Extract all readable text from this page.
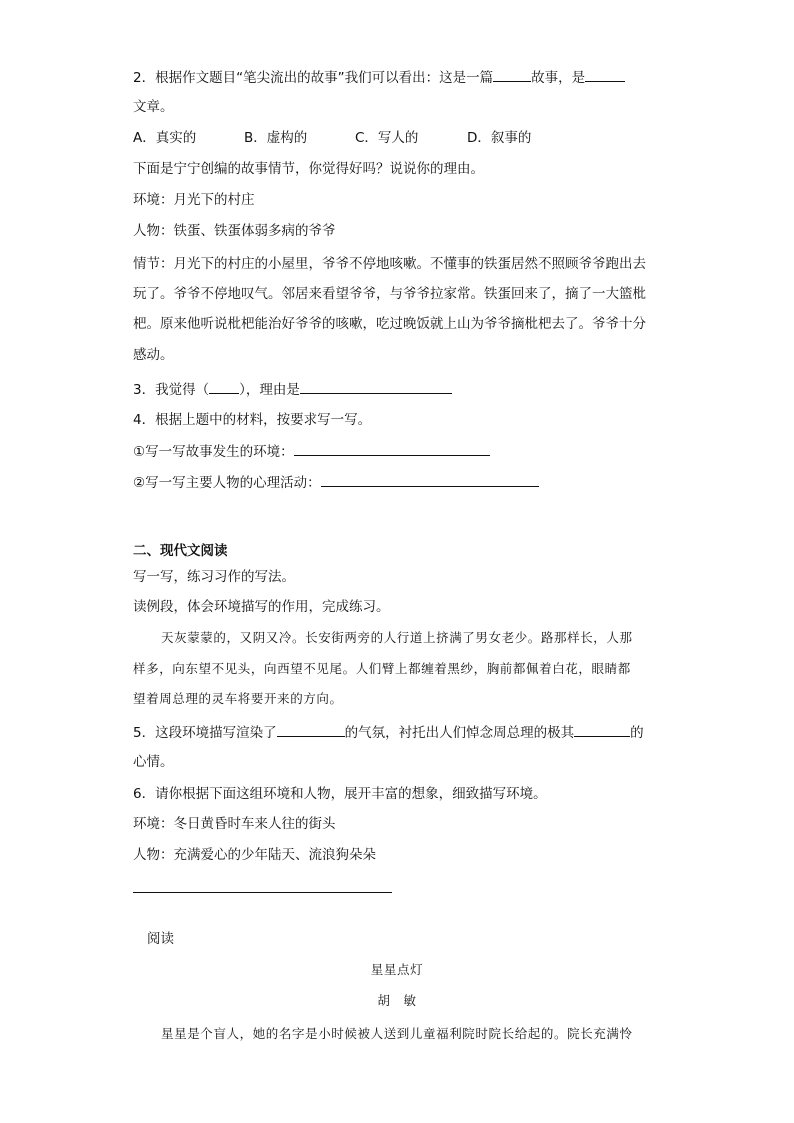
2．根据作文题目“笔尖流出的故事”我们可以看出：这是一篇	故事，是
文章。
A．真实的	B．虚构的	C．写人的	D．叙事的
下面是宁宁创编的故事情节，你觉得好吗？说说你的理由。
环境：月光下的村庄
人物：铁蛋、铁蛋体弱多病的爷爷
情节：月光下的村庄的小屋里，爷爷不停地咳嗽。不懂事的铁蛋居然不照顾爷爷跑出去
玩了。爷爷不停地叹气。邻居来看望爷爷，与爷爷拉家常。铁蛋回来了，摘了一大篮枇
杷。原来他听说枇杷能治好爷爷的咳嗽，吃过晚饭就上山为爷爷摘枇杷去了。爷爷十分
感动。
3．我觉得（ ），理由是
4．根据上题中的材料，按要求写一写。
①写一写故事发生的环境：
②写一写主要人物的心理活动：
二、现代文阅读
写一写，练习习作的写法。
读例段，体会环境描写的作用，完成练习。
天灰蒙蒙的，又阴又冷。长安街两旁的人行道上挤满了男女老少。路那样长，人那
样多，向东望不见头，向西望不见尾。人们臂上都缠着黑纱，胸前都佩着白花，眼睛都
望着周总理的灵车将要开来的方向。
5．这段环境描写渲染了	的气氛，衬托出人们悼念周总理的极其	的
心情。
6．请你根据下面这组环境和人物，展开丰富的想象，细致描写环境。
环境：冬日黄昏时车来人往的街头
人物：充满爱心的少年陆天、流浪狗朵朵
阅读
星星点灯
胡　敏
星星是个盲人，她的名字是小时候被人送到儿童福利院时院长给起的。院长充满怜
